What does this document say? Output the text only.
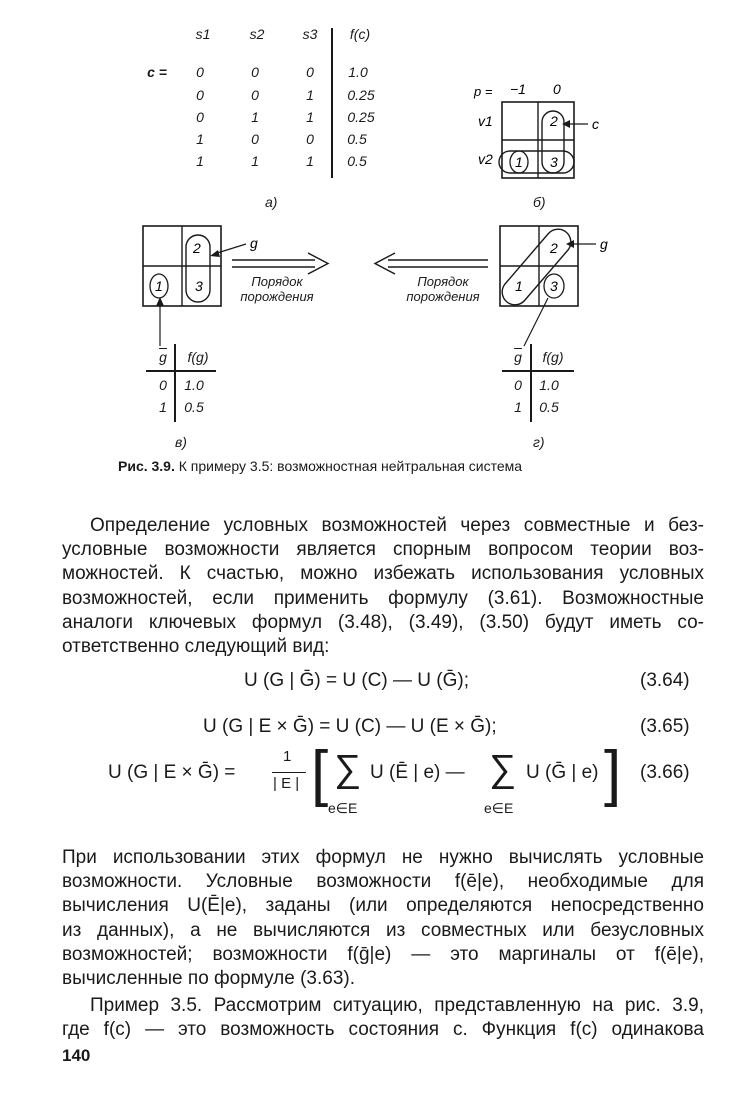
s1	s2	s3 f(c)
c = 0	0	0 1.0
0	0	1 0.25
0	1	1 0.25
1	0	0 0.5
1	1	1 0.5
а)
p = −1 0
v1
v2
2
1 3
c
б)
2
1 3
g
Порядок
порождения
$\overline{g}$ f(g)
0 1.0
1 0.5
в)
2
1 3
g
Порядок
порождения
$\overline{g}$ f(g)
0 1.0
1 0.5
г)
Рис. 3.9. К примеру 3.5: возможностная нейтральная система
Определение условных возможностей через совместные и без-
условные возможности является спорным вопросом теории воз-
можностей. К счастью, можно избежать использования условных
возможностей, если применить формулу (3.61). Возможностные
аналоги ключевых формул (3.48), (3.49), (3.50) будут иметь со-
ответственно следующий вид:
U (G | Ḡ) = U (C) — U (Ḡ);	(3.64)
U (G | E × Ḡ) = U (C) — U (E × Ḡ);	(3.65)
U (G | E × Ḡ) =
1
| E | [ ∑
e∈E
U (Ē | e) — ∑
e∈E
U (Ḡ | e) ] (3.66)
При использовании этих формул не нужно вычислять условные
возможности. Условные возможности f(ē|e), необходимые для
вычисления U(Ē|e), заданы (или определяются непосредственно
из данных), а не вычисляются из совместных или безусловных
возможностей; возможности f(ḡ|e) — это маргиналы от f(ē|e),
вычисленные по формуле (3.63).
Пример 3.5. Рассмотрим ситуацию, представленную на рис. 3.9,
где f(c) — это возможность состояния c. Функция f(c) одинакова
140
